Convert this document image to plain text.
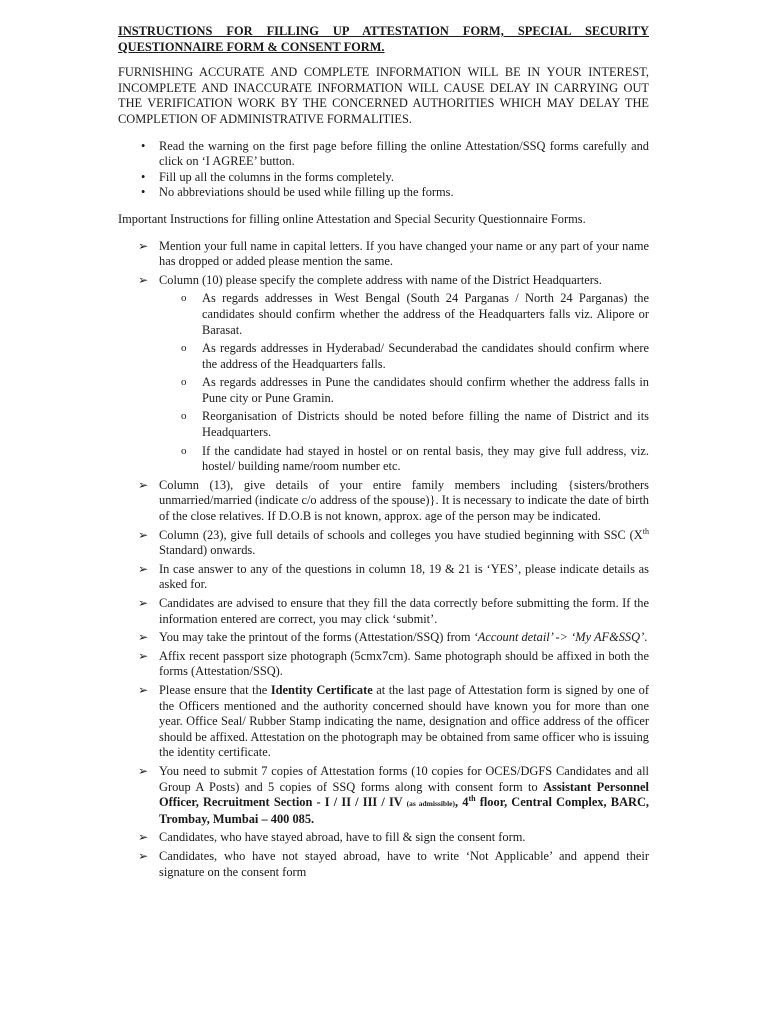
INSTRUCTIONS FOR FILLING UP ATTESTATION FORM, SPECIAL SECURITY QUESTIONNAIRE FORM & CONSENT FORM.
FURNISHING ACCURATE AND COMPLETE INFORMATION WILL BE IN YOUR INTEREST, INCOMPLETE AND INACCURATE INFORMATION WILL CAUSE DELAY IN CARRYING OUT THE VERIFICATION WORK BY THE CONCERNED AUTHORITIES WHICH MAY DELAY THE COMPLETION OF ADMINISTRATIVE FORMALITIES.
• Read the warning on the first page before filling the online Attestation/SSQ forms carefully and click on ‘I AGREE’ button.
• Fill up all the columns in the forms completely.
• No abbreviations should be used while filling up the forms.
Important Instructions for filling online Attestation and Special Security Questionnaire Forms.
➢ Mention your full name in capital letters. If you have changed your name or any part of your name has dropped or added please mention the same.
➢ Column (10) please specify the complete address with name of the District Headquarters.
o As regards addresses in West Bengal (South 24 Parganas / North 24 Parganas) the candidates should confirm whether the address of the Headquarters falls viz. Alipore or Barasat.
o As regards addresses in Hyderabad/ Secunderabad the candidates should confirm where the address of the Headquarters falls.
o As regards addresses in Pune the candidates should confirm whether the address falls in Pune city or Pune Gramin.
o Reorganisation of Districts should be noted before filling the name of District and its Headquarters.
o If the candidate had stayed in hostel or on rental basis, they may give full address, viz. hostel/ building name/room number etc.
➢ Column (13), give details of your entire family members including {sisters/brothers unmarried/married (indicate c/o address of the spouse)}. It is necessary to indicate the date of birth of the close relatives. If D.O.B is not known, approx. age of the person may be indicated.
➢ Column (23), give full details of schools and colleges you have studied beginning with SSC (Xth Standard) onwards.
➢ In case answer to any of the questions in column 18, 19 & 21 is ‘YES’, please indicate details as asked for.
➢ Candidates are advised to ensure that they fill the data correctly before submitting the form. If the information entered are correct, you may click ‘submit’.
➢ You may take the printout of the forms (Attestation/SSQ) from ‘Account detail’ -> ‘My AF&SSQ’.
➢ Affix recent passport size photograph (5cmx7cm). Same photograph should be affixed in both the forms (Attestation/SSQ).
➢ Please ensure that the Identity Certificate at the last page of Attestation form is signed by one of the Officers mentioned and the authority concerned should have known you for more than one year. Office Seal/ Rubber Stamp indicating the name, designation and office address of the officer should be affixed. Attestation on the photograph may be obtained from same officer who is issuing the identity certificate.
➢ You need to submit 7 copies of Attestation forms (10 copies for OCES/DGFS Candidates and all Group A Posts) and 5 copies of SSQ forms along with consent form to Assistant Personnel Officer, Recruitment Section - I / II / III / IV (as admissible), 4th floor, Central Complex, BARC, Trombay, Mumbai – 400 085.
➢ Candidates, who have stayed abroad, have to fill & sign the consent form.
➢ Candidates, who have not stayed abroad, have to write ‘Not Applicable’ and append their signature on the consent form
